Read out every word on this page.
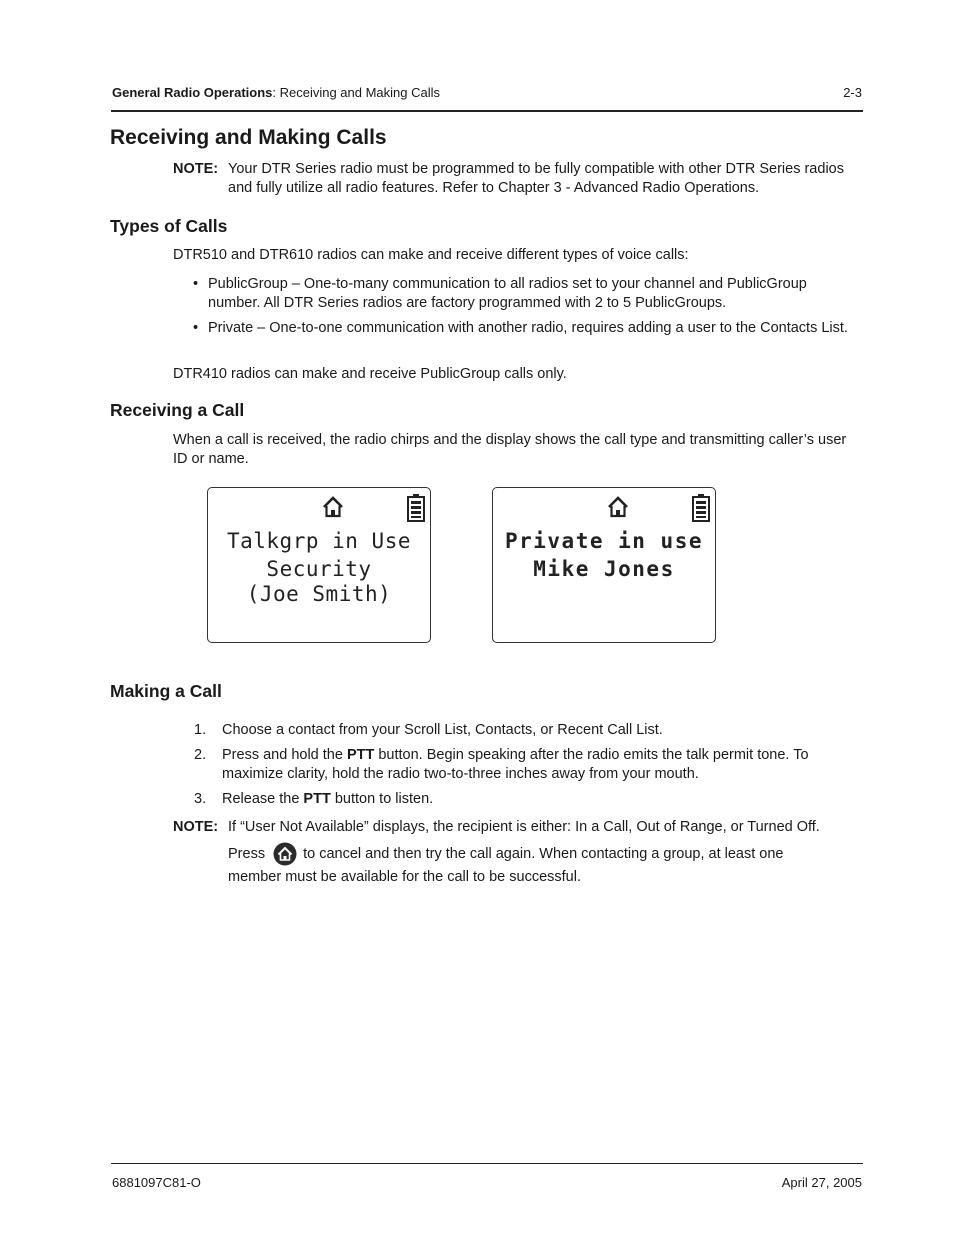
General Radio Operations: Receiving and Making Calls	2-3
Receiving and Making Calls
NOTE: Your DTR Series radio must be programmed to be fully compatible with other DTR Series radios and fully utilize all radio features. Refer to Chapter 3 - Advanced Radio Operations.
Types of Calls

DTR510 and DTR610 radios can make and receive different types of voice calls:

• PublicGroup – One-to-many communication to all radios set to your channel and PublicGroup number. All DTR Series radios are factory programmed with 2 to 5 PublicGroups.
• Private – One-to-one communication with another radio, requires adding a user to the Contacts List.

DTR410 radios can make and receive PublicGroup calls only.

Receiving a Call

When a call is received, the radio chirps and the display shows the call type and transmitting caller’s user ID or name.

Talkgrp in Use
Security
(Joe Smith)
Private in use
Mike Jones
Making a Call
1. Choose a contact from your Scroll List, Contacts, or Recent Call List.
2. Press and hold the PTT button. Begin speaking after the radio emits the talk permit tone. To maximize clarity, hold the radio two-to-three inches away from your mouth.
3. Release the PTT button to listen.
NOTE: If “User Not Available” displays, the recipient is either: In a Call, Out of Range, or Turned Off.
Press	to cancel and then try the call again. When contacting a group, at least one
member must be available for the call to be successful.
6881097C81-O	April 27, 2005
